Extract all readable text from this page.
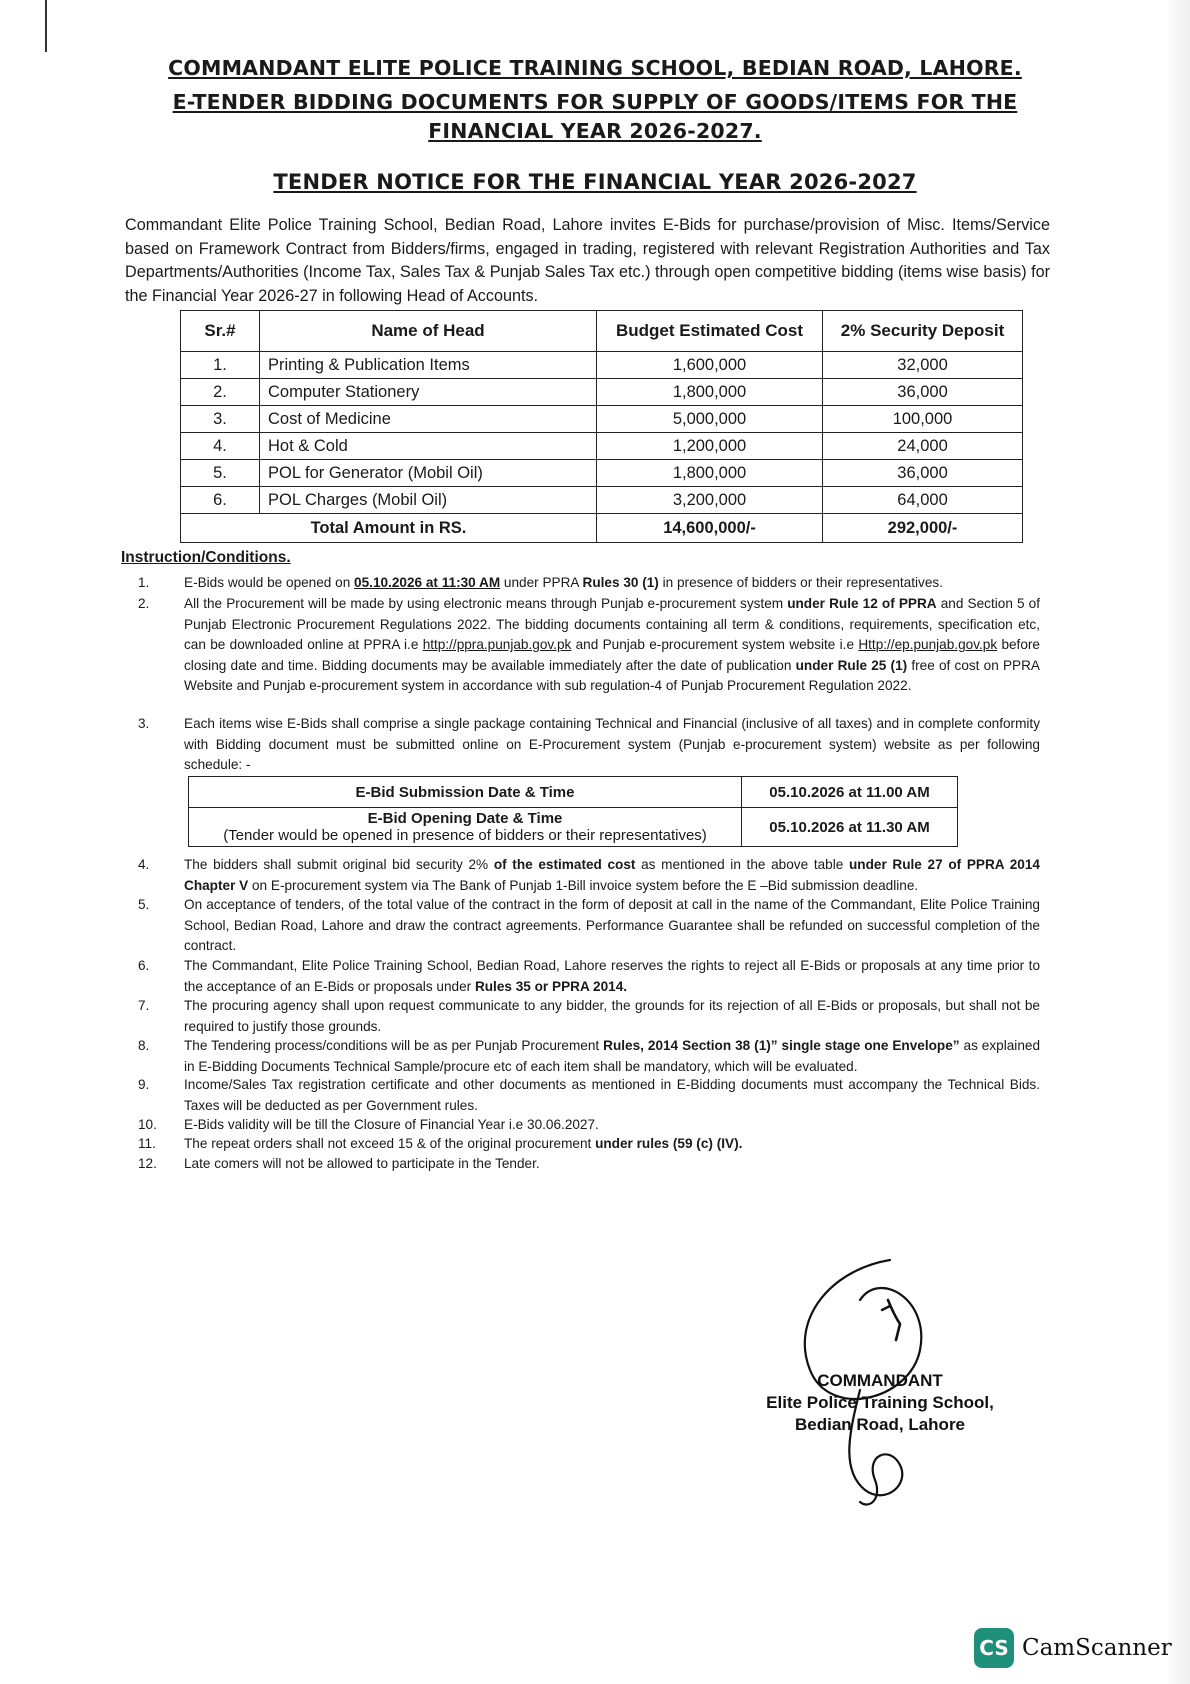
COMMANDANT ELITE POLICE TRAINING SCHOOL, BEDIAN ROAD, LAHORE.
E-TENDER BIDDING DOCUMENTS FOR SUPPLY OF GOODS/ITEMS FOR THE
FINANCIAL YEAR 2026-2027.
TENDER NOTICE FOR THE FINANCIAL YEAR 2026-2027
Commandant Elite Police Training School, Bedian Road, Lahore invites E-Bids for purchase/provision of Misc. Items/Service based on Framework Contract from Bidders/firms, engaged in trading, registered with relevant Registration Authorities and Tax Departments/Authorities (Income Tax, Sales Tax & Punjab Sales Tax etc.) through open competitive bidding (items wise basis) for the Financial Year 2026-27 in following Head of Accounts.
Sr.#	Name of Head	Budget Estimated Cost	2% Security Deposit
1.	Printing & Publication Items	1,600,000	32,000
2.	Computer Stationery	1,800,000	36,000
3.	Cost of Medicine	5,000,000	100,000
4.	Hot & Cold	1,200,000	24,000
5.	POL for Generator (Mobil Oil)	1,800,000	36,000
6.	POL Charges (Mobil Oil)	3,200,000	64,000
Total Amount in RS.		14,600,000/-	292,000/-
Instruction/Conditions.
1.	E-Bids would be opened on 05.10.2026 at 11:30 AM under PPRA Rules 30 (1) in presence of bidders or their representatives.
2.	All the Procurement will be made by using electronic means through Punjab e-procurement system under Rule 12 of PPRA and Section 5 of Punjab Electronic Procurement Regulations 2022. The bidding documents containing all term & conditions, requirements, specification etc, can be downloaded online at PPRA i.e http://ppra.punjab.gov.pk and Punjab e-procurement system website i.e Http://ep.punjab.gov.pk before closing date and time. Bidding documents may be available immediately after the date of publication under Rule 25 (1) free of cost on PPRA Website and Punjab e-procurement system in accordance with sub regulation-4 of Punjab Procurement Regulation 2022.
3.	Each items wise E-Bids shall comprise a single package containing Technical and Financial (inclusive of all taxes) and in complete conformity with Bidding document must be submitted online on E-Procurement system (Punjab e-procurement system) website as per following schedule: -
E-Bid Submission Date & Time	05.10.2026 at 11.00 AM

E-Bid Opening Date & Time
(Tender would be opened in presence of bidders or their representatives)	05.10.2026 at 11.30 AM
4.	The bidders shall submit original bid security 2% of the estimated cost as mentioned in the above table under Rule 27 of PPRA 2014 Chapter V on E-procurement system via The Bank of Punjab 1-Bill invoice system before the E –Bid submission deadline.
5.	On acceptance of tenders, of the total value of the contract in the form of deposit at call in the name of the Commandant, Elite Police Training School, Bedian Road, Lahore and draw the contract agreements. Performance Guarantee shall be refunded on successful completion of the contract.
6.	The Commandant, Elite Police Training School, Bedian Road, Lahore reserves the rights to reject all E-Bids or proposals at any time prior to the acceptance of an E-Bids or proposals under Rules 35 or PPRA 2014.
7.	The procuring agency shall upon request communicate to any bidder, the grounds for its rejection of all E-Bids or proposals, but shall not be required to justify those grounds.
8.	The Tendering process/conditions will be as per Punjab Procurement Rules, 2014 Section 38 (1)” single stage one Envelope” as explained in E-Bidding Documents Technical Sample/procure etc of each item shall be mandatory, which will be evaluated.
9.	Income/Sales Tax registration certificate and other documents as mentioned in E-Bidding documents must accompany the Technical Bids. Taxes will be deducted as per Government rules.
10.	E-Bids validity will be till the Closure of Financial Year i.e 30.06.2027.
11.	The repeat orders shall not exceed 15 & of the original procurement under rules (59 (c) (IV).
12.	Late comers will not be allowed to participate in the Tender.
COMMANDANT
Elite Police Training School,
Bedian Road, Lahore
CS CamScanner
